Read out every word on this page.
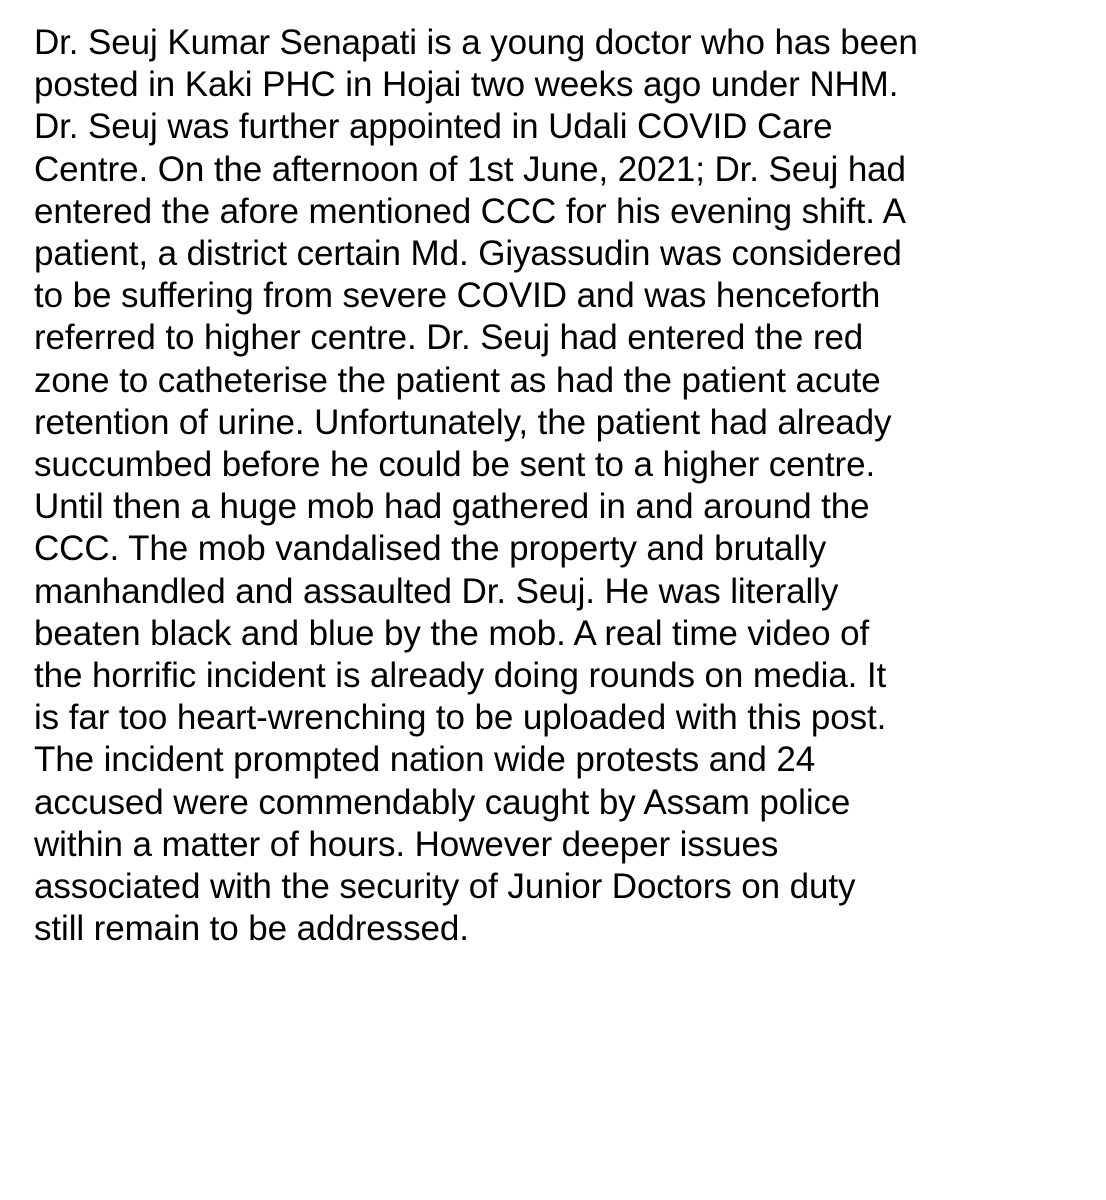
Dr. Seuj Kumar Senapati is a young doctor who has been
posted in Kaki PHC in Hojai two weeks ago under NHM.
Dr. Seuj was further appointed in Udali COVID Care
Centre. On the afternoon of 1st June, 2021; Dr. Seuj had
entered the afore mentioned CCC for his evening shift. A
patient, a district certain Md. Giyassudin was considered
to be suffering from severe COVID and was henceforth
referred to higher centre. Dr. Seuj had entered the red
zone to catheterise the patient as had the patient acute
retention of urine. Unfortunately, the patient had already
succumbed before he could be sent to a higher centre.
Until then a huge mob had gathered in and around the
CCC. The mob vandalised the property and brutally
manhandled and assaulted Dr. Seuj. He was literally
beaten black and blue by the mob. A real time video of
the horrific incident is already doing rounds on media. It
is far too heart-wrenching to be uploaded with this post.
The incident prompted nation wide protests and 24
accused were commendably caught by Assam police
within a matter of hours. However deeper issues
associated with the security of Junior Doctors on duty
still remain to be addressed.
